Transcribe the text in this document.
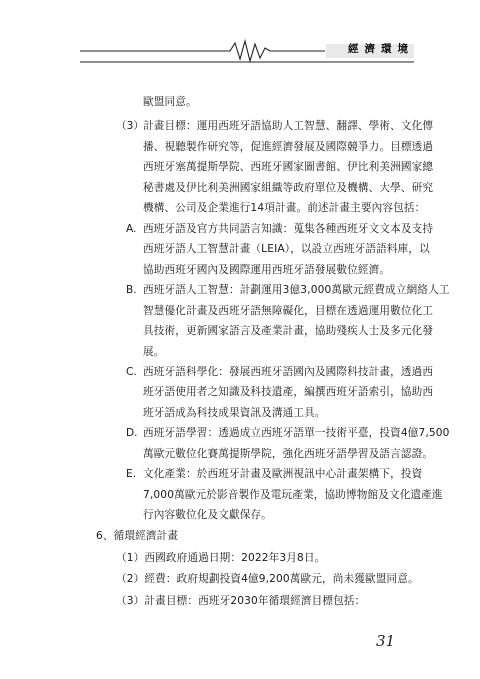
經濟環境
歐盟同意。
（3） 計畫目標：運用西班牙語協助人工智慧、翻譯、學術、文化傳
播、視聽製作研究等，促進經濟發展及國際競爭力。目標透過
西班牙塞萬提斯學院、西班牙國家圖書館、伊比利美洲國家總
秘書處及伊比利美洲國家組織等政府單位及機構、大學、研究
機構、公司及企業進行14項計畫。前述計畫主要內容包括：
A. 西班牙語及官方共同語言知識：蒐集各種西班牙文文本及支持
西班牙語人工智慧計畫（LEIA），以設立西班牙語語料庫，以
協助西班牙國內及國際運用西班牙語發展數位經濟。
B. 西班牙語人工智慧：計劃運用3億3,000萬歐元經費成立網絡人工
智慧優化計畫及西班牙語無障礙化，目標在透過運用數位化工
具技術，更新國家語言及產業計畫，協助殘疾人士及多元化發
展。
C. 西班牙語科學化：發展西班牙語國內及國際科技計畫，透過西
班牙語使用者之知識及科技遺產，編撰西班牙語索引，協助西
班牙語成為科技成果資訊及溝通工具。
D. 西班牙語學習：透過成立西班牙語單一技術平臺，投資4億7,500
萬歐元數位化賽萬提斯學院，強化西班牙語學習及語言認證。
E. 文化產業：於西班牙計畫及歐洲視訊中心計畫架構下，投資
7,000萬歐元於影音製作及電玩產業，協助博物館及文化遺產進
行內容數位化及文獻保存。
6、循環經濟計畫
（1）西國政府通過日期：2022年3月8日。
（2）經費：政府規劃投資4億9,200萬歐元，尚未獲歐盟同意。
（3）計畫目標：西班牙2030年循環經濟目標包括：
31
